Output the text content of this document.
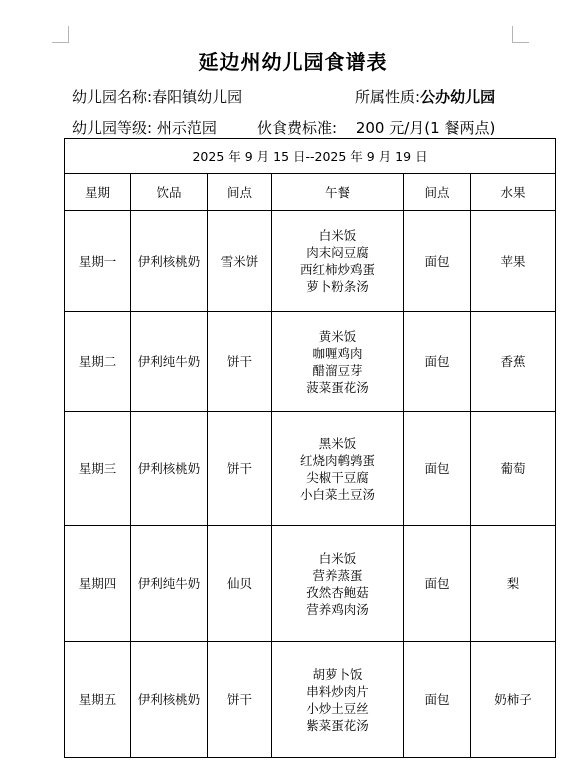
延边州幼儿园食谱表
幼儿园名称:春阳镇幼儿园	所属性质:公办幼儿园
幼儿园等级: 州示范园	伙食费标准: 200 元/月(1 餐两点)
2025 年 9 月 15 日--2025 年 9 月 19 日					
星期	饮品	间点	午餐	间点	水果
星期一	伊利核桃奶	雪米饼	白米饭
肉末闷豆腐
西红柿炒鸡蛋
萝卜粉条汤	面包	苹果
星期二	伊利纯牛奶	饼干	黄米饭
咖喱鸡肉
醋溜豆芽
菠菜蛋花汤	面包	香蕉
星期三	伊利核桃奶	饼干	黑米饭
红烧肉鹌鹑蛋
尖椒干豆腐
小白菜土豆汤	面包	葡萄
星期四	伊利纯牛奶	仙贝	白米饭
营养蒸蛋
孜然杏鲍菇
营养鸡肉汤	面包	梨
星期五	伊利核桃奶	饼干	胡萝卜饭
串料炒肉片
小炒土豆丝
紫菜蛋花汤	面包	奶柿子
